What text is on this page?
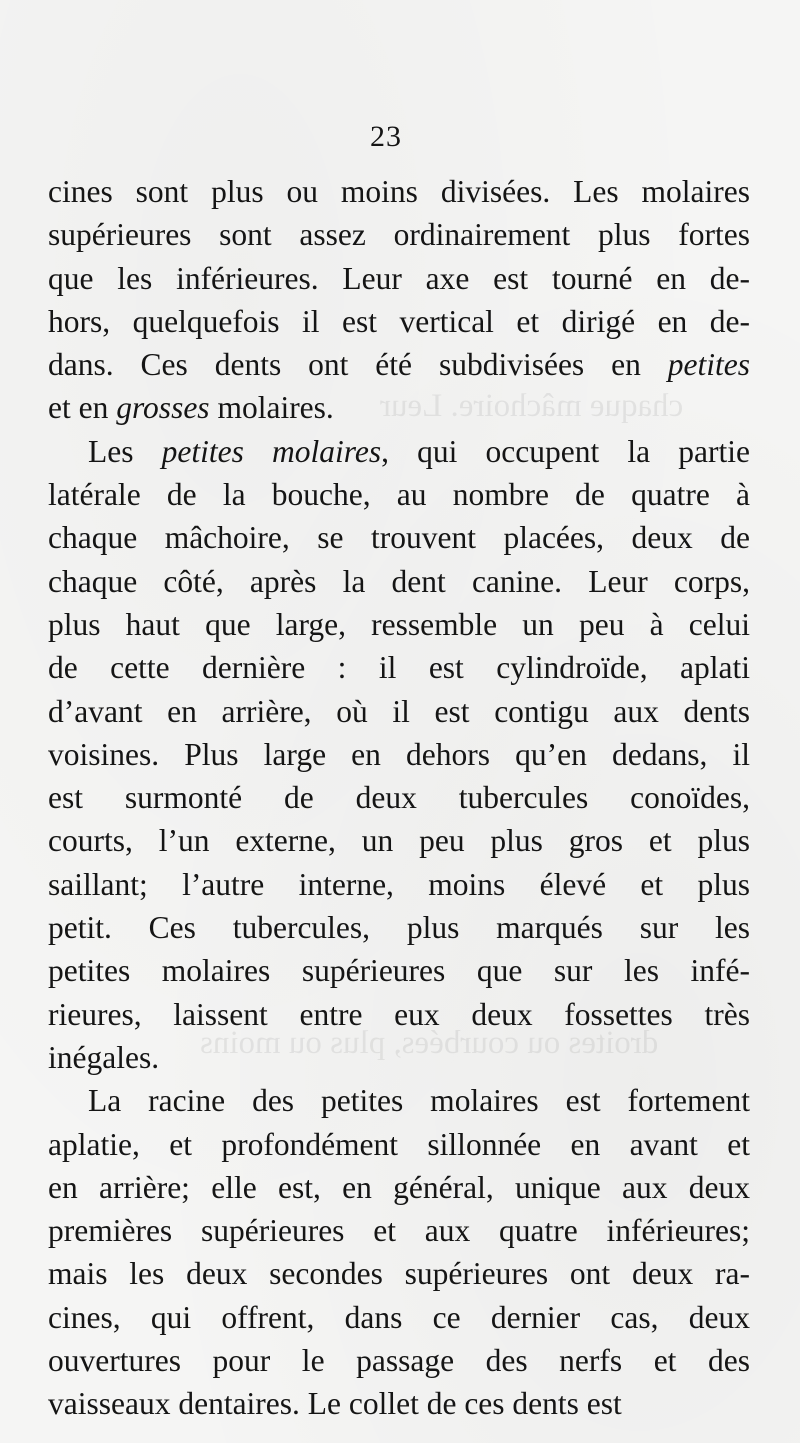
chaque mâchoire. Leur
droites ou courbées, plus ou moins
23
cines sont plus ou moins divisées. Les molaires
supérieures sont assez ordinairement plus fortes
que les inférieures. Leur axe est tourné en de-
hors, quelquefois il est vertical et dirigé en de-
dans. Ces dents ont été subdivisées en petites
et en grosses molaires.
Les petites molaires, qui occupent la partie
latérale de la bouche, au nombre de quatre à
chaque mâchoire, se trouvent placées, deux de
chaque côté, après la dent canine. Leur corps,
plus haut que large, ressemble un peu à celui
de cette dernière : il est cylindroïde, aplati
d’avant en arrière, où il est contigu aux dents
voisines. Plus large en dehors qu’en dedans, il
est surmonté de deux tubercules conoïdes,
courts, l’un externe, un peu plus gros et plus
saillant; l’autre interne, moins élevé et plus
petit. Ces tubercules, plus marqués sur les
petites molaires supérieures que sur les infé-
rieures, laissent entre eux deux fossettes très
inégales.
La racine des petites molaires est fortement
aplatie, et profondément sillonnée en avant et
en arrière; elle est, en général, unique aux deux
premières supérieures et aux quatre inférieures;
mais les deux secondes supérieures ont deux ra-
cines, qui offrent, dans ce dernier cas, deux
ouvertures pour le passage des nerfs et des
vaisseaux dentaires. Le collet de ces dents est
